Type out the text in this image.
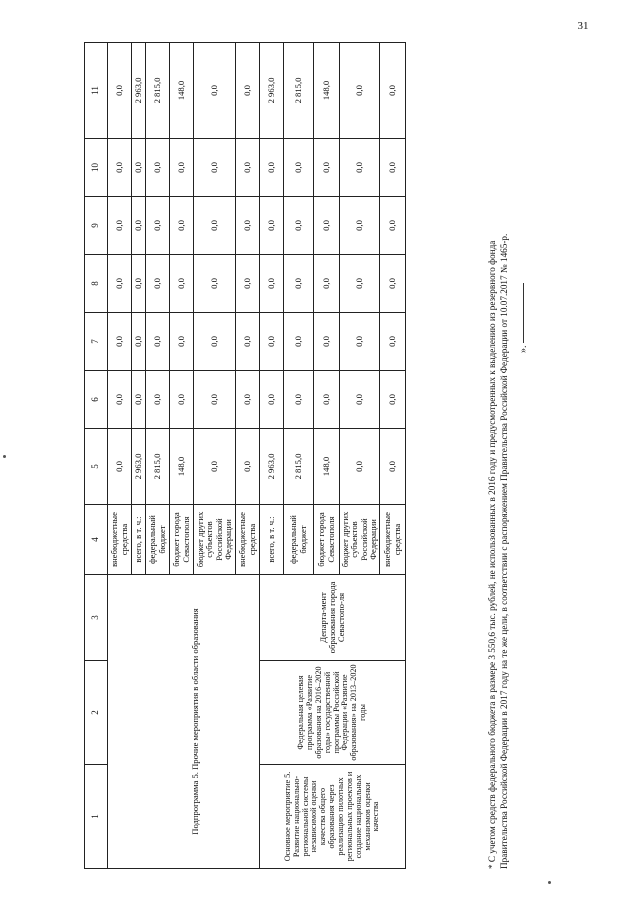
31
1	2	3	4	5	6	7	8	9	10	11
			внебюджетные средства	0,0	0,0	0,0	0,0	0,0	0,0	0,0
Подпрограмма 5. Прочие мероприятия в области образования			всего, в т. ч.:	2 963,0	0,0	0,0	0,0	0,0	0,0	2 963,0
			федеральный бюджет	2 815,0	0,0	0,0	0,0	0,0	0,0	2 815,0
			бюджет города Севастополя	148,0	0,0	0,0	0,0	0,0	0,0	148,0
			бюджет других субъектов Российской Федерации	0,0	0,0	0,0	0,0	0,0	0,0	0,0
			внебюджетные средства	0,0	0,0	0,0	0,0	0,0	0,0	0,0
Основное мероприятие 5. Развитие национально-региональной системы независимой оценки качества общего образования через реализацию пилотных региональных проектов и создание национальных механизмов оценки качества	Федеральная целевая программа «Развитие образования на 2016–2020 годы» государственной программы Российской Федерации «Развитие образования» на 2013–2020 годы	Департа-мент образования города Севастопо-ля	всего, в т. ч.:	2 963,0	0,0	0,0	0,0	0,0	0,0	2 963,0
			федеральный бюджет	2 815,0	0,0	0,0	0,0	0,0	0,0	2 815,0
			бюджет города Севастополя	148,0	0,0	0,0	0,0	0,0	0,0	148,0
			бюджет других субъектов Российской Федерации	0,0	0,0	0,0	0,0	0,0	0,0	0,0
			внебюджетные средства	0,0	0,0	0,0	0,0	0,0	0,0	0,0

* С учетом средств федерального бюджета в размере 3 550,6 тыс. рублей, не использованных в 2016 году и предусмотренных к выделению из резервного фонда Правительства Российской Федерации в 2017 году на те же цели, в соответствии с распоряжением Правительства Российской Федерации от 10.07.2017 № 1465-р. ».
